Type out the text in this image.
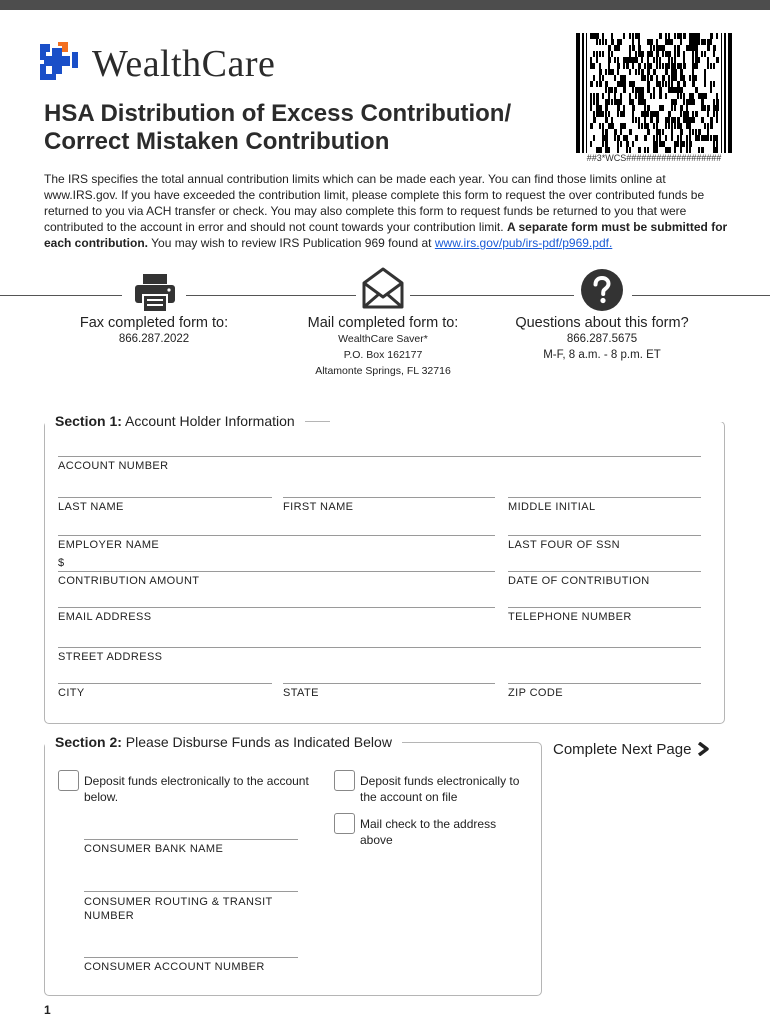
WealthCare
##3*WCS###################
HSA Distribution of Excess Contribution/
Correct Mistaken Contribution
The IRS specifies the total annual contribution limits which can be made each year. You can find those limits online at www.IRS.gov. If you have exceeded the contribution limit, please complete this form to request the over contributed funds be returned to you via ACH transfer or check. You may also complete this form to request funds be returned to you that were contributed to the account in error and should not count towards your contribution limit. A separate form must be submitted for each contribution. You may wish to review IRS Publication 969 found at www.irs.gov/pub/irs-pdf/p969.pdf.
Fax completed form to:
866.287.2022
Mail completed form to:
WealthCare Saver*
P.O. Box 162177
Altamonte Springs, FL 32716
Questions about this form?
866.287.5675
M-F, 8 a.m. - 8 p.m. ET
Section 1: Account Holder Information
ACCOUNT NUMBER
LAST NAME	FIRST NAME	MIDDLE INITIAL
EMPLOYER NAME	LAST FOUR OF SSN
$
CONTRIBUTION AMOUNT	DATE OF CONTRIBUTION
EMAIL ADDRESS	TELEPHONE NUMBER
STREET ADDRESS
CITY	STATE	ZIP CODE
Section 2: Please Disburse Funds as Indicated Below	Complete Next Page
Deposit funds electronically to the account
below.
Deposit funds electronically to
the account on file
Mail check to the address
above
CONSUMER BANK NAME
CONSUMER ROUTING & TRANSIT
NUMBER
CONSUMER ACCOUNT NUMBER
1
